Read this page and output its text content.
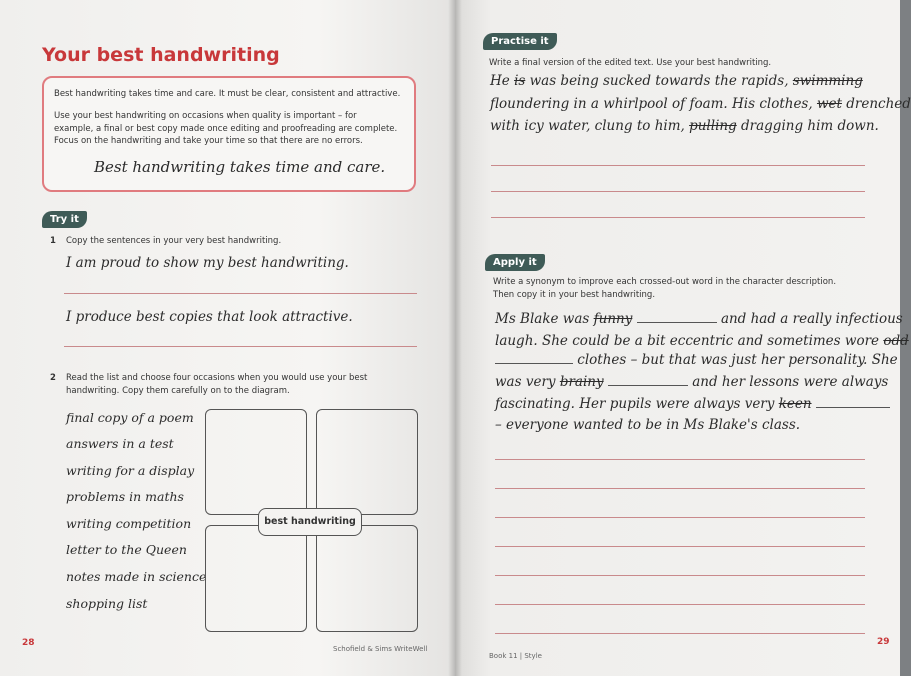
Your best handwriting
Best handwriting takes time and care. It must be clear, consistent and attractive.
Use your best handwriting on occasions when quality is important – for
example, a final or best copy made once editing and proofreading are complete.
Focus on the handwriting and take your time so that there are no errors.
Best handwriting takes time and care.
Try it
1 Copy the sentences in your very best handwriting.
I am proud to show my best handwriting.
I produce best copies that look attractive.
2 Read the list and choose four occasions when you would use your best
handwriting. Copy them carefully on to the diagram.
final copy of a poem
answers in a test
writing for a display
problems in maths
writing competition
letter to the Queen
notes made in science
shopping list
best handwriting
28
Schofield & Sims WriteWell
Practise it
Write a final version of the edited text. Use your best handwriting.
He is was being sucked towards the rapids, swimming
floundering in a whirlpool of foam. His clothes, wet drenched
with icy water, clung to him, pulling dragging him down.
Apply it
Write a synonym to improve each crossed-out word in the character description.
Then copy it in your best handwriting.
Ms Blake was funny	and had a really infectious
laugh. She could be a bit eccentric and sometimes wore odd
clothes – but that was just her personality. She
was very brainy	and her lessons were always
fascinating. Her pupils were always very keen
– everyone wanted to be in Ms Blake's class.
Book 11 | Style
29
